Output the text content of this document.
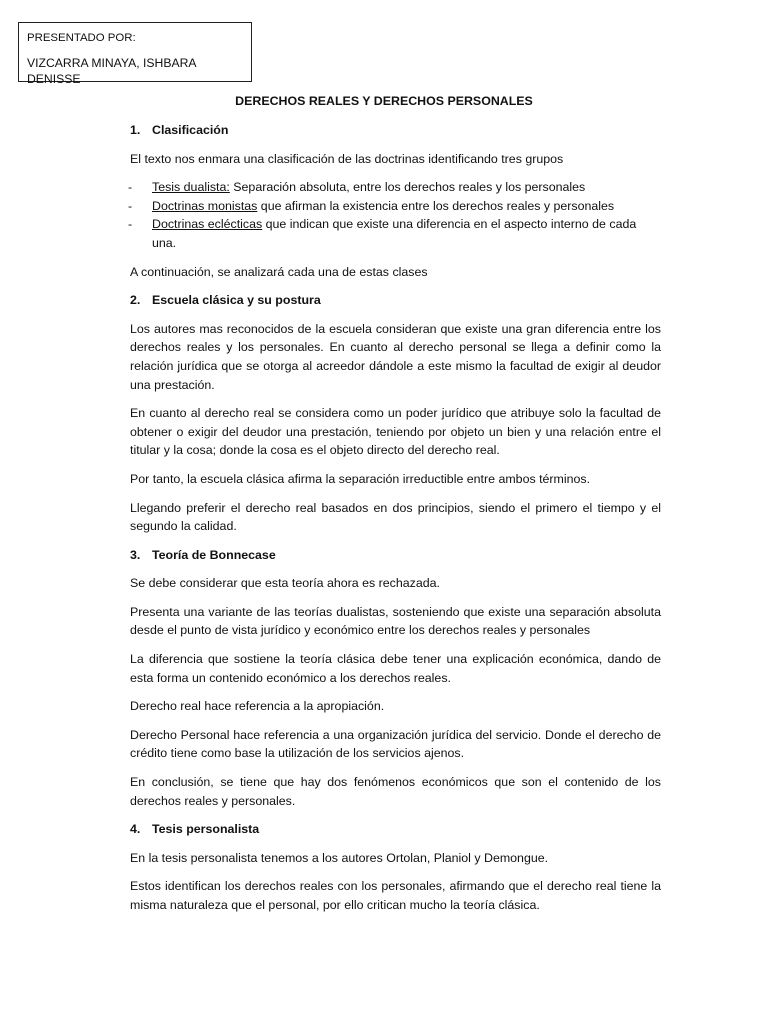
PRESENTADO POR:
VIZCARRA MINAYA, ISHBARA DENISSE
DERECHOS REALES Y DERECHOS PERSONALES
1. Clasificación

El texto nos enmara una clasificación de las doctrinas identificando tres grupos

- Tesis dualista: Separación absoluta, entre los derechos reales y los personales
- Doctrinas monistas que afirman la existencia entre los derechos reales y personales
- Doctrinas eclécticas que indican que existe una diferencia en el aspecto interno de cada una.

A continuación, se analizará cada una de estas clases

2. Escuela clásica y su postura

Los autores mas reconocidos de la escuela consideran que existe una gran diferencia entre los derechos reales y los personales. En cuanto al derecho personal se llega a definir como la relación jurídica que se otorga al acreedor dándole a este mismo la facultad de exigir al deudor una prestación.

En cuanto al derecho real se considera como un poder jurídico que atribuye solo la facultad de obtener o exigir del deudor una prestación, teniendo por objeto un bien y una relación entre el titular y la cosa; donde la cosa es el objeto directo del derecho real.

Por tanto, la escuela clásica afirma la separación irreductible entre ambos términos.

Llegando preferir el derecho real basados en dos principios, siendo el primero el tiempo y el segundo la calidad.

3. Teoría de Bonnecase

Se debe considerar que esta teoría ahora es rechazada.

Presenta una variante de las teorías dualistas, sosteniendo que existe una separación absoluta desde el punto de vista jurídico y económico entre los derechos reales y personales

La diferencia que sostiene la teoría clásica debe tener una explicación económica, dando de esta forma un contenido económico a los derechos reales.

Derecho real hace referencia a la apropiación.

Derecho Personal hace referencia a una organización jurídica del servicio. Donde el derecho de crédito tiene como base la utilización de los servicios ajenos.

En conclusión, se tiene que hay dos fenómenos económicos que son el contenido de los derechos reales y personales.

4. Tesis personalista

En la tesis personalista tenemos a los autores Ortolan, Planiol y Demongue.

Estos identifican los derechos reales con los personales, afirmando que el derecho real tiene la misma naturaleza que el personal, por ello critican mucho la teoría clásica.
